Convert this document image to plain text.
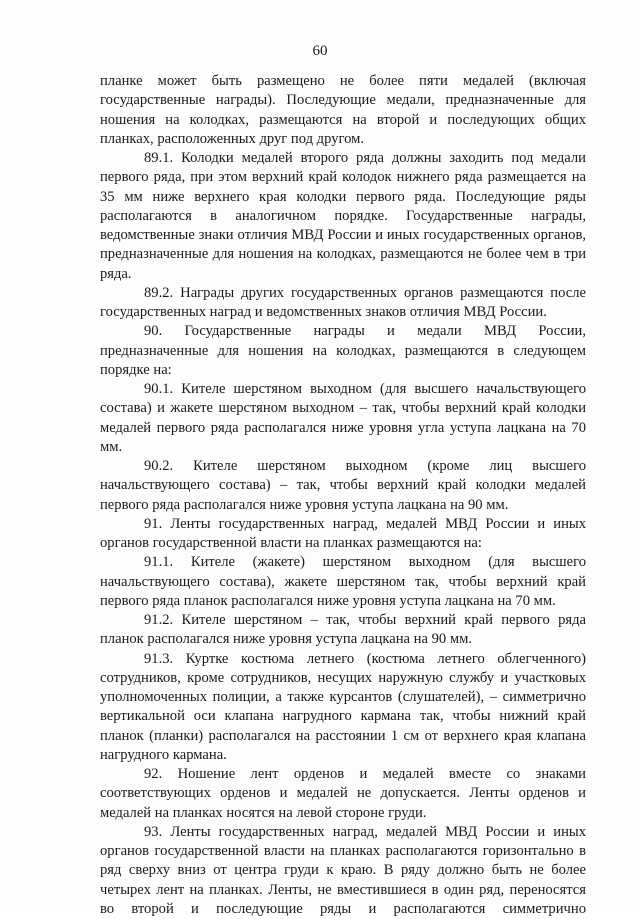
60

планке может быть размещено не более пяти медалей (включая государственные награды). Последующие медали, предназначенные для ношения на колодках, размещаются на второй и последующих общих планках, расположенных друг под другом.

89.1. Колодки медалей второго ряда должны заходить под медали первого ряда, при этом верхний край колодок нижнего ряда размещается на 35 мм ниже верхнего края колодки первого ряда. Последующие ряды располагаются в аналогичном порядке. Государственные награды, ведомственные знаки отличия МВД России и иных государственных органов, предназначенные для ношения на колодках, размещаются не более чем в три ряда.

89.2. Награды других государственных органов размещаются после государственных наград и ведомственных знаков отличия МВД России.

90. Государственные награды и медали МВД России, предназначенные для ношения на колодках, размещаются в следующем порядке на:

90.1. Кителе шерстяном выходном (для высшего начальствующего состава) и жакете шерстяном выходном – так, чтобы верхний край колодки медалей первого ряда располагался ниже уровня угла уступа лацкана на 70 мм.

90.2. Кителе шерстяном выходном (кроме лиц высшего начальствующего состава) – так, чтобы верхний край колодки медалей первого ряда располагался ниже уровня уступа лацкана на 90 мм.

91. Ленты государственных наград, медалей МВД России и иных органов государственной власти на планках размещаются на:

91.1. Кителе (жакете) шерстяном выходном (для высшего начальствующего состава), жакете шерстяном так, чтобы верхний край первого ряда планок располагался ниже уровня уступа лацкана на 70 мм.

91.2. Кителе шерстяном – так, чтобы верхний край первого ряда планок располагался ниже уровня уступа лацкана на 90 мм.

91.3. Куртке костюма летнего (костюма летнего облегченного) сотрудников, кроме сотрудников, несущих наружную службу и участковых уполномоченных полиции, а также курсантов (слушателей), – симметрично вертикальной оси клапана нагрудного кармана так, чтобы нижний край планок (планки) располагался на расстоянии 1 см от верхнего края клапана нагрудного кармана.

92. Ношение лент орденов и медалей вместе со знаками соответствующих орденов и медалей не допускается. Ленты орденов и медалей на планках носятся на левой стороне груди.

93. Ленты государственных наград, медалей МВД России и иных органов государственной власти на планках располагаются горизонтально в ряд сверху вниз от центра груди к краю. В ряду должно быть не более четырех лент на планках. Ленты, не вместившиеся в один ряд, переносятся во второй и последующие ряды и располагаются симметрично
